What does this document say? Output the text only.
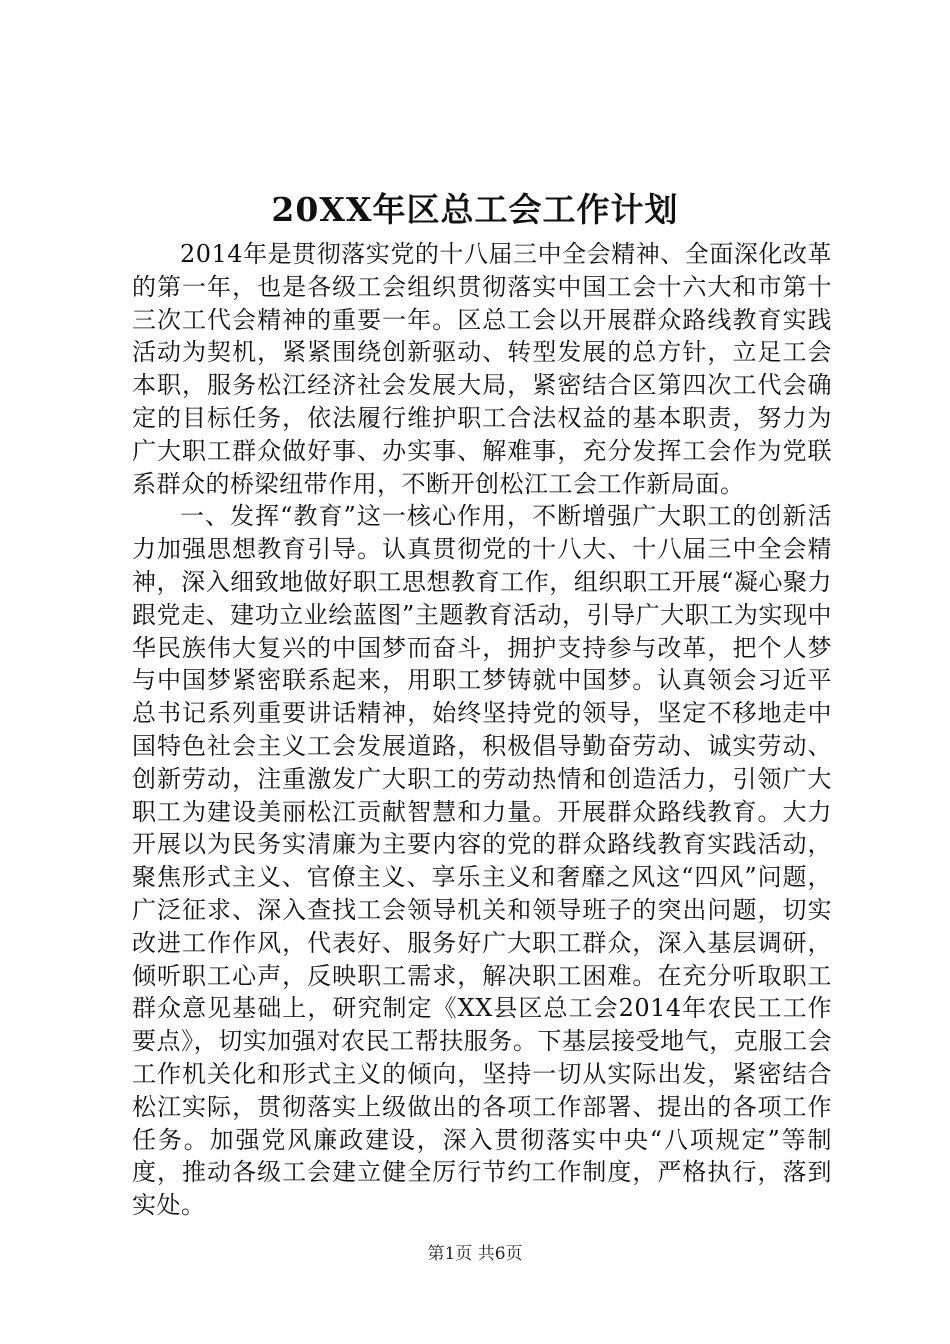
20XX年区总工会工作计划

2014年是贯彻落实党的十八届三中全会精神、全面深化改革的第一年，也是各级工会组织贯彻落实中国工会十六大和市第十三次工代会精神的重要一年。区总工会以开展群众路线教育实践活动为契机，紧紧围绕创新驱动、转型发展的总方针，立足工会本职，服务松江经济社会发展大局，紧密结合区第四次工代会确定的目标任务，依法履行维护职工合法权益的基本职责，努力为广大职工群众做好事、办实事、解难事，充分发挥工会作为党联系群众的桥梁纽带作用，不断开创松江工会工作新局面。

一、发挥“教育”这一核心作用，不断增强广大职工的创新活力加强思想教育引导。认真贯彻党的十八大、十八届三中全会精神，深入细致地做好职工思想教育工作，组织职工开展“凝心聚力跟党走、建功立业绘蓝图”主题教育活动，引导广大职工为实现中华民族伟大复兴的中国梦而奋斗，拥护支持参与改革，把个人梦与中国梦紧密联系起来，用职工梦铸就中国梦。认真领会习近平总书记系列重要讲话精神，始终坚持党的领导，坚定不移地走中国特色社会主义工会发展道路，积极倡导勤奋劳动、诚实劳动、创新劳动，注重激发广大职工的劳动热情和创造活力，引领广大职工为建设美丽松江贡献智慧和力量。开展群众路线教育。大力开展以为民务实清廉为主要内容的党的群众路线教育实践活动，聚焦形式主义、官僚主义、享乐主义和奢靡之风这“四风”问题，广泛征求、深入查找工会领导机关和领导班子的突出问题，切实改进工作作风，代表好、服务好广大职工群众，深入基层调研，倾听职工心声，反映职工需求，解决职工困难。在充分听取职工群众意见基础上，研究制定《XX县区总工会2014年农民工工作要点》，切实加强对农民工帮扶服务。下基层接受地气，克服工会工作机关化和形式主义的倾向，坚持一切从实际出发，紧密结合松江实际，贯彻落实上级做出的各项工作部署、提出的各项工作任务。加强党风廉政建设，深入贯彻落实中央“八项规定”等制度，推动各级工会建立健全厉行节约工作制度，严格执行，落到实处。

第1页 共6页
